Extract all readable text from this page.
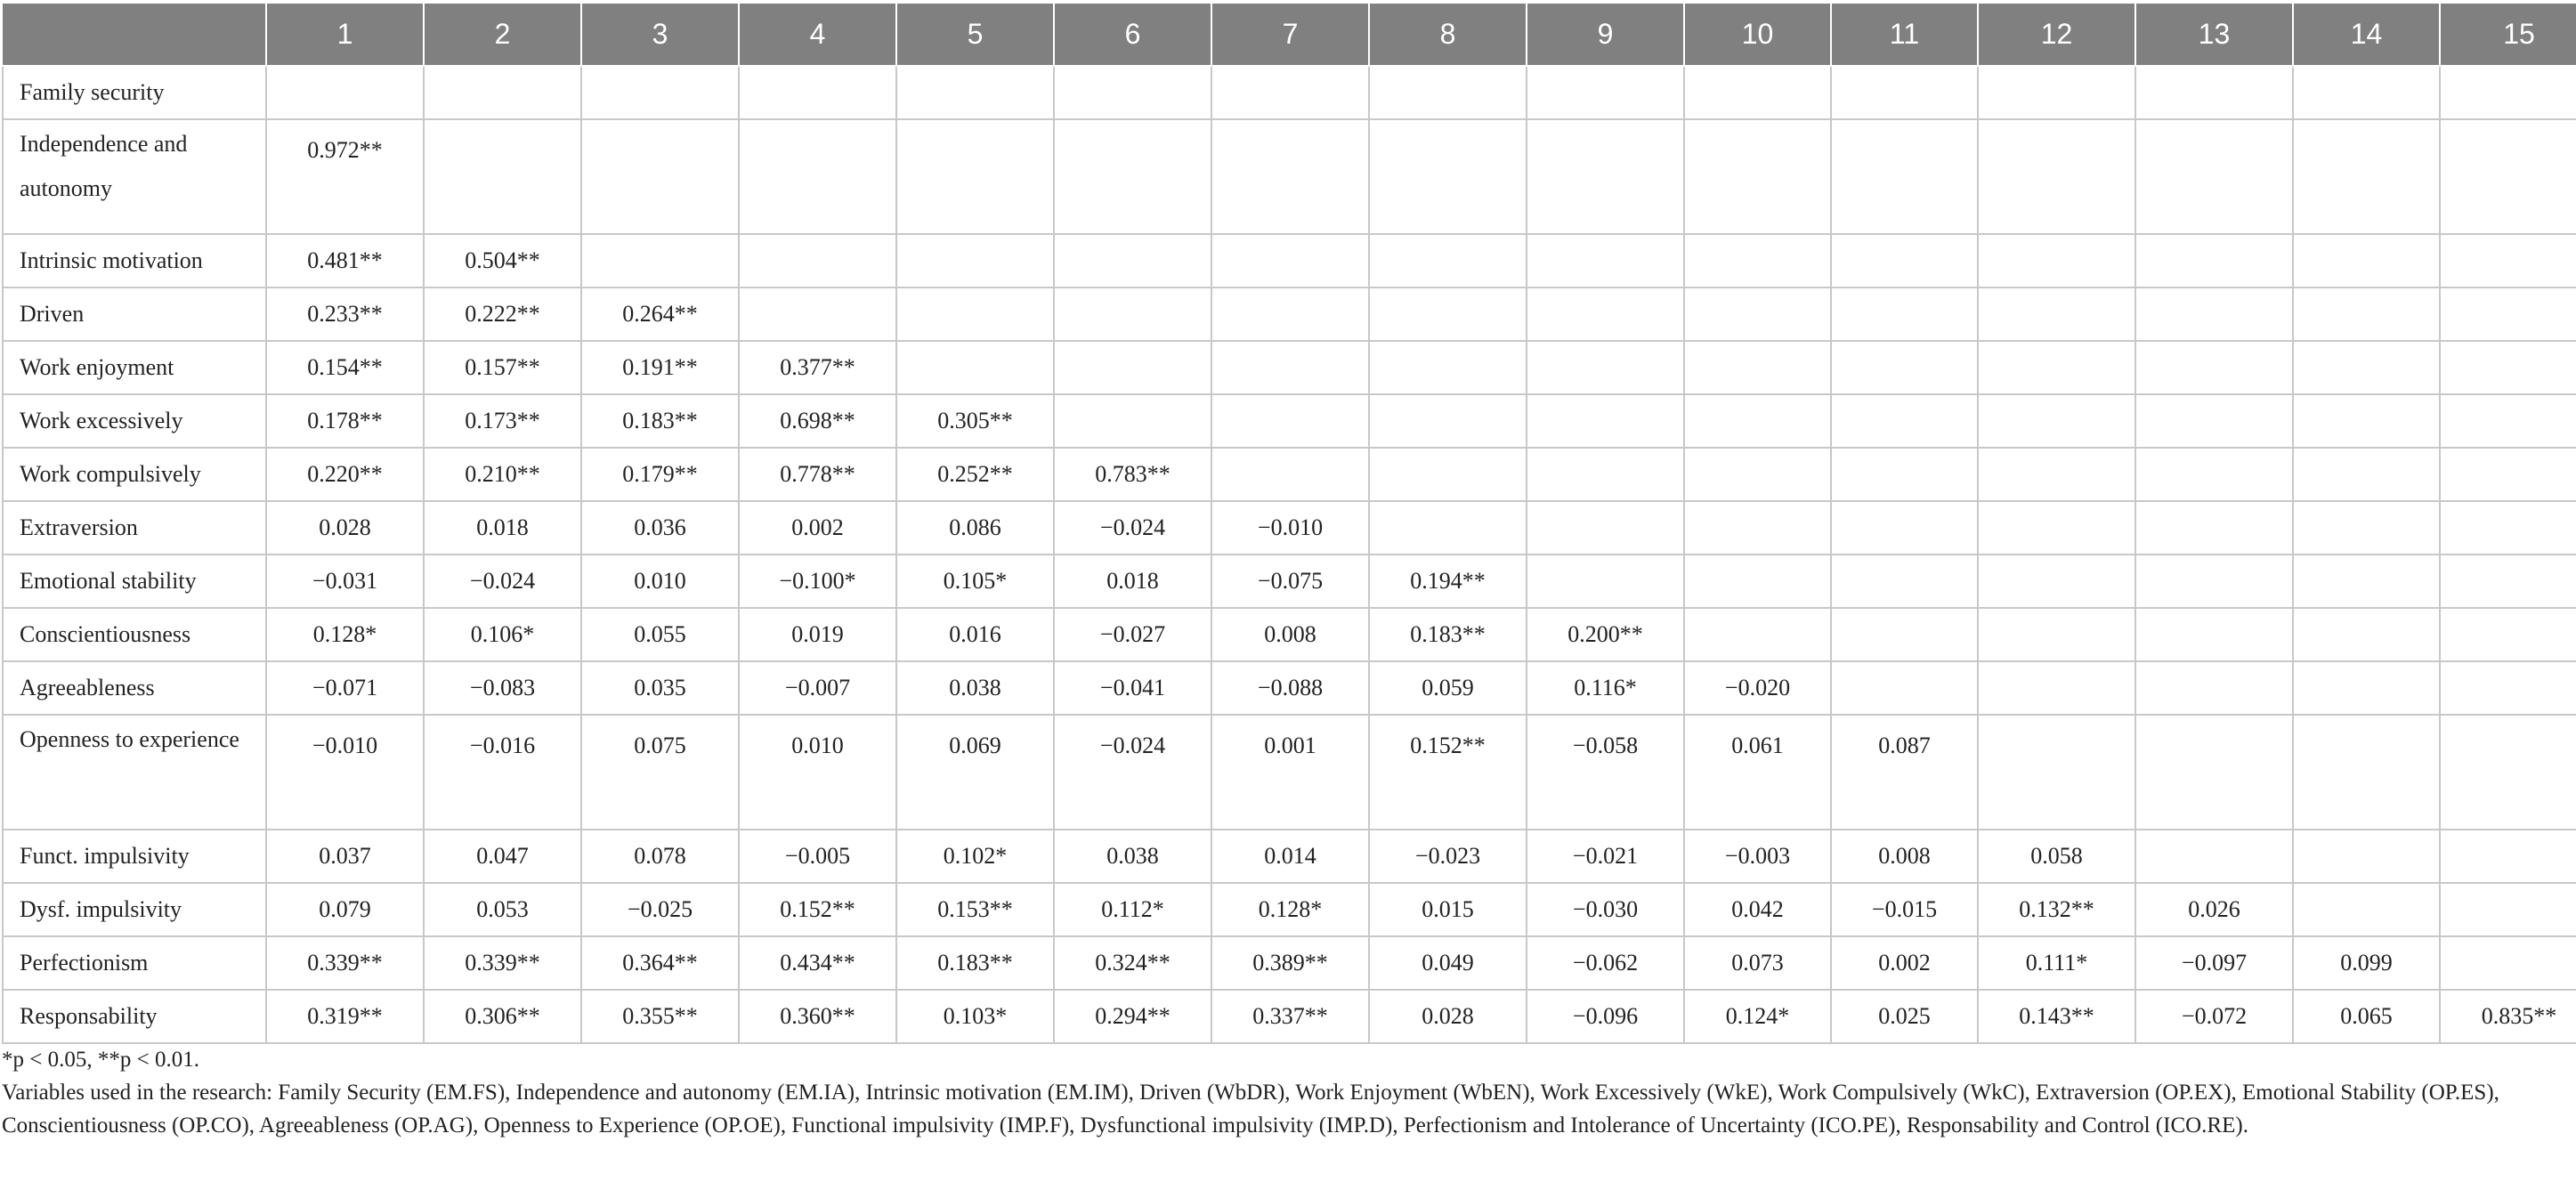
	1	2	3	4	5	6	7	8	9	10	11	12	13	14	15
Family security															
Independence and autonomy	0.972**														
Intrinsic motivation	0.481**	0.504**													
Driven	0.233**	0.222**	0.264**												
Work enjoyment	0.154**	0.157**	0.191**	0.377**											
Work excessively	0.178**	0.173**	0.183**	0.698**	0.305**										
Work compulsively	0.220**	0.210**	0.179**	0.778**	0.252**	0.783**									
Extraversion	0.028	0.018	0.036	0.002	0.086	−0.024	−0.010								
Emotional stability	−0.031	−0.024	0.010	−0.100*	0.105*	0.018	−0.075	0.194**							
Conscientiousness	0.128*	0.106*	0.055	0.019	0.016	−0.027	0.008	0.183**	0.200**						
Agreeableness	−0.071	−0.083	0.035	−0.007	0.038	−0.041	−0.088	0.059	0.116*	−0.020					
Openness to experience	−0.010	−0.016	0.075	0.010	0.069	−0.024	0.001	0.152**	−0.058	0.061	0.087				
Funct. impulsivity	0.037	0.047	0.078	−0.005	0.102*	0.038	0.014	−0.023	−0.021	−0.003	0.008	0.058			
Dysf. impulsivity	0.079	0.053	−0.025	0.152**	0.153**	0.112*	0.128*	0.015	−0.030	0.042	−0.015	0.132**	0.026		
Perfectionism	0.339**	0.339**	0.364**	0.434**	0.183**	0.324**	0.389**	0.049	−0.062	0.073	0.002	0.111*	−0.097	0.099	
Responsability	0.319**	0.306**	0.355**	0.360**	0.103*	0.294**	0.337**	0.028	−0.096	0.124*	0.025	0.143**	−0.072	0.065	0.835**

*p < 0.05, **p < 0.01.

Variables used in the research: Family Security (EM.FS), Independence and autonomy (EM.IA), Intrinsic motivation (EM.IM), Driven (WbDR), Work Enjoyment (WbEN), Work Excessively (WkE), Work Compulsively (WkC), Extraversion (OP.EX), Emotional Stability (OP.ES), Conscientiousness (OP.CO), Agreeableness (OP.AG), Openness to Experience (OP.OE), Functional impulsivity (IMP.F), Dysfunctional impulsivity (IMP.D), Perfectionism and Intolerance of Uncertainty (ICO.PE), Responsability and Control (ICO.RE).
